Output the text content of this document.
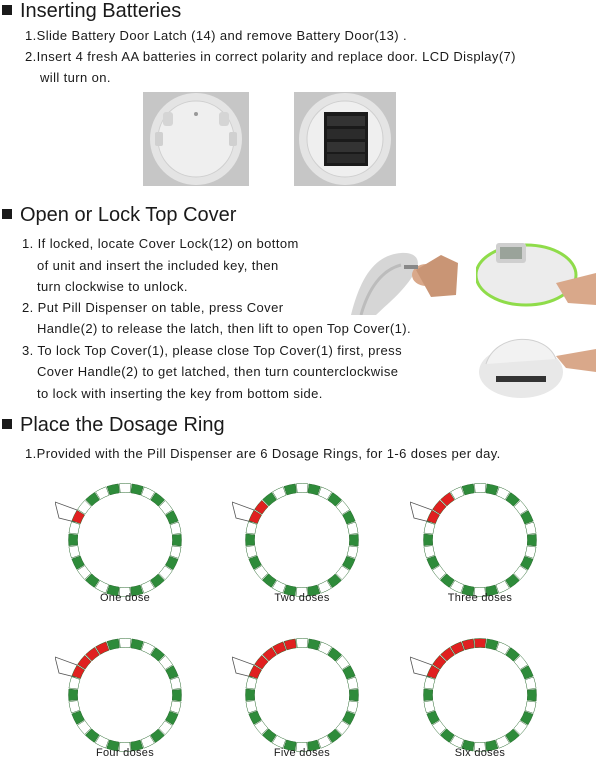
Inserting Batteries
1.Slide Battery Door Latch (14) and remove Battery Door(13) .
2.Insert 4 fresh AA batteries in correct polarity and replace door. LCD Display(7)
will turn on.
Open or Lock Top Cover
1. If locked, locate Cover Lock(12) on bottom
of unit and insert the included key, then
turn clockwise to unlock.
2. Put Pill Dispenser on table, press Cover
Handle(2) to release the latch, then lift to open Top Cover(1).
3. To lock Top Cover(1), please close Top Cover(1) first, press
Cover Handle(2) to get latched, then turn counterclockwise
to lock with inserting the key from bottom side.
Place the Dosage Ring
1.Provided with the Pill Dispenser are 6 Dosage Rings, for 1-6 doses per day.
One dose	Two doses	Three doses
Four doses	Five doses	Six doses
